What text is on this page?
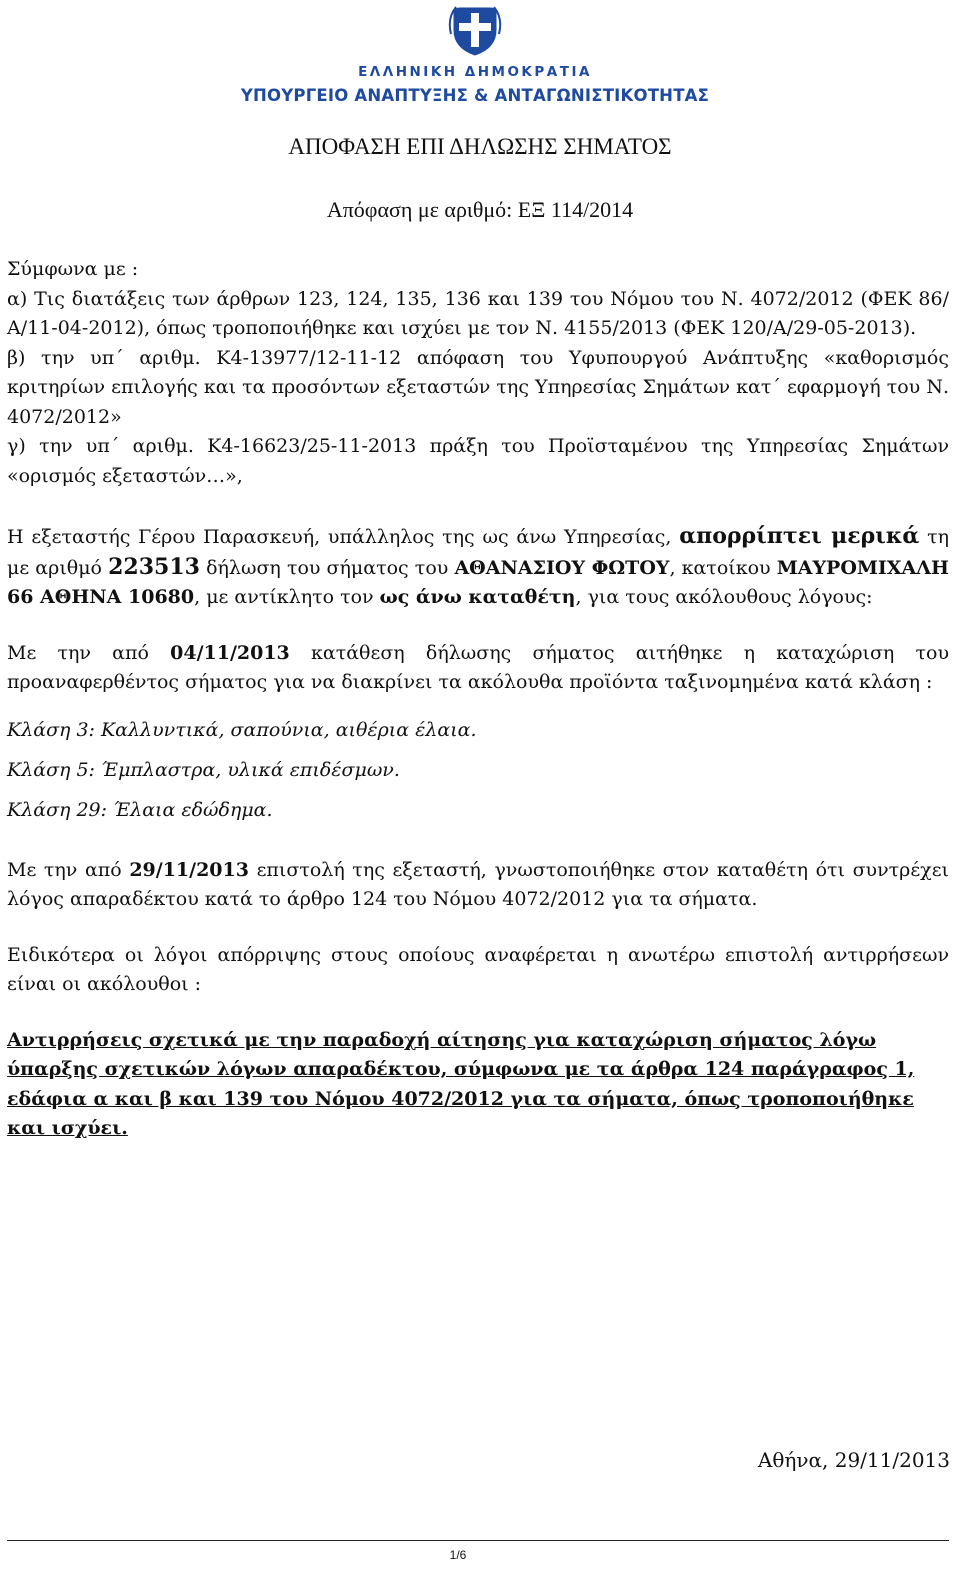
ΕΛΛΗΝΙΚΗ ΔΗΜΟΚΡΑΤΙΑ
ΥΠΟΥΡΓΕΙΟ ΑΝΑΠΤΥΞΗΣ & ΑΝΤΑΓΩΝΙΣΤΙΚΟΤΗΤΑΣ
ΑΠΟΦΑΣΗ ΕΠΙ ΔΗΛΩΣΗΣ ΣΗΜΑΤΟΣ
Απόφαση με αριθμό: ΕΞ 114/2014

Σύμφωνα με :

α) Τις διατάξεις των άρθρων 123, 124, 135, 136 και 139 του Νόμου του Ν. 4072/2012 (ΦΕΚ 86/Α/11-04-2012), όπως τροποποιήθηκε και ισχύει με τον Ν. 4155/2013 (ΦΕΚ 120/Α/29-05-2013).

β) την υπ΄ αριθμ. Κ4-13977/12-11-12 απόφαση του Υφυπουργού Ανάπτυξης «καθορισμός κριτηρίων επιλογής και τα προσόντων εξεταστών της Υπηρεσίας Σημάτων κατ΄ εφαρμογή του Ν. 4072/2012»

γ) την υπ΄ αριθμ. Κ4-16623/25-11-2013 πράξη του Προϊσταμένου της Υπηρεσίας Σημάτων «ορισμός εξεταστών…»,

Η εξεταστής Γέρου Παρασκευή, υπάλληλος της ως άνω Υπηρεσίας, απορρίπτει μερικά τη με αριθμό 223513 δήλωση του σήματος του ΑΘΑΝΑΣΙΟΥ ΦΩΤΟΥ, κατοίκου ΜΑΥΡΟΜΙΧΑΛΗ 66 ΑΘΗΝΑ 10680, με αντίκλητο τον ως άνω καταθέτη, για τους ακόλουθους λόγους:

Με την από 04/11/2013 κατάθεση δήλωσης σήματος αιτήθηκε η καταχώριση του προαναφερθέντος σήματος για να διακρίνει τα ακόλουθα προϊόντα ταξινομημένα κατά κλάση :

Κλάση 3: Καλλυντικά, σαπούνια, αιθέρια έλαια.

Κλάση 5: Έμπλαστρα, υλικά επιδέσμων.

Κλάση 29: Έλαια εδώδημα.

Με την από 29/11/2013 επιστολή της εξεταστή, γνωστοποιήθηκε στον καταθέτη ότι συντρέχει λόγος απαραδέκτου κατά το άρθρο 124 του Νόμου 4072/2012 για τα σήματα.

Ειδικότερα οι λόγοι απόρριψης στους οποίους αναφέρεται η ανωτέρω επιστολή αντιρρήσεων είναι οι ακόλουθοι :

Αντιρρήσεις σχετικά με την παραδοχή αίτησης για καταχώριση σήματος λόγω ύπαρξης σχετικών λόγων απαραδέκτου, σύμφωνα με τα άρθρα 124 παράγραφος 1, εδάφια α και β και 139 του Νόμου 4072/2012 για τα σήματα, όπως τροποποιήθηκε και ισχύει.

Αθήνα, 29/11/2013
1/6
